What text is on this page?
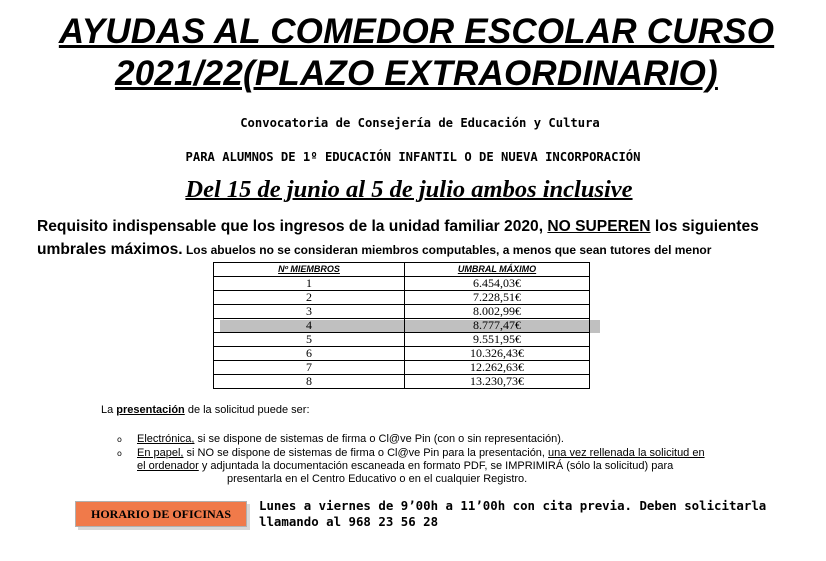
AYUDAS AL COMEDOR ESCOLAR CURSO
2021/22(PLAZO EXTRAORDINARIO)
Convocatoria de Consejería de Educación y Cultura
PARA ALUMNOS DE 1º EDUCACIÓN INFANTIL O DE NUEVA INCORPORACIÓN
Del 15 de junio al 5 de julio ambos inclusive
Requisito indispensable que los ingresos de la unidad familiar 2020, NO SUPEREN los siguientes
umbrales máximos. Los abuelos no se consideran miembros computables, a menos que sean tutores del menor
Nº MIEMBROS	UMBRAL MÁXIMO
1	6.454,03€
2	7.228,51€
3	8.002,99€
4	8.777,47€
5	9.551,95€
6	10.326,43€
7	12.262,63€
8	13.230,73€
La presentación de la solicitud puede ser:
o Electrónica, si se dispone de sistemas de firma o Cl@ve Pin (con o sin representación).
o En papel, si NO se dispone de sistemas de firma o Cl@ve Pin para la presentación, una vez rellenada la solicitud en
el ordenador y adjuntada la documentación escaneada en formato PDF, se IMPRIMIRÁ (sólo la solicitud) para
presentarla en el Centro Educativo o en el cualquier Registro.
HORARIO DE OFICINAS
Lunes a viernes de 9’00h a 11’00h con cita previa. Deben solicitarla
llamando al 968 23 56 28
